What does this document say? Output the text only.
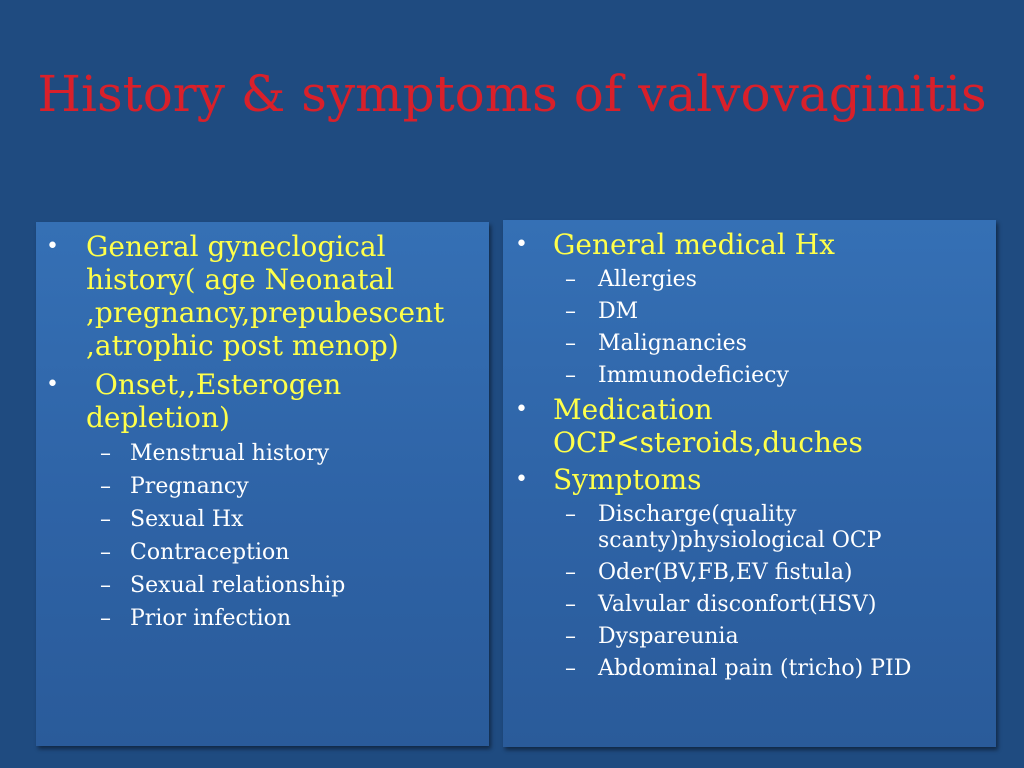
History & symptoms of valvovaginitis
• General gyneclogical history( age Neonatal ,pregnancy,prepubescent ,atrophic post menop)
• Onset,,Esterogen depletion)
– Menstrual history
– Pregnancy
– Sexual Hx
– Contraception
– Sexual relationship
– Prior infection
• General medical Hx
– Allergies
– DM
– Malignancies
– Immunodeficiecy
• Medication OCP<steroids,duches
• Symptoms
– Discharge(quality scanty)physiological OCP
– Oder(BV,FB,EV fistula)
– Valvular disconfort(HSV)
– Dyspareunia
– Abdominal pain (tricho) PID
